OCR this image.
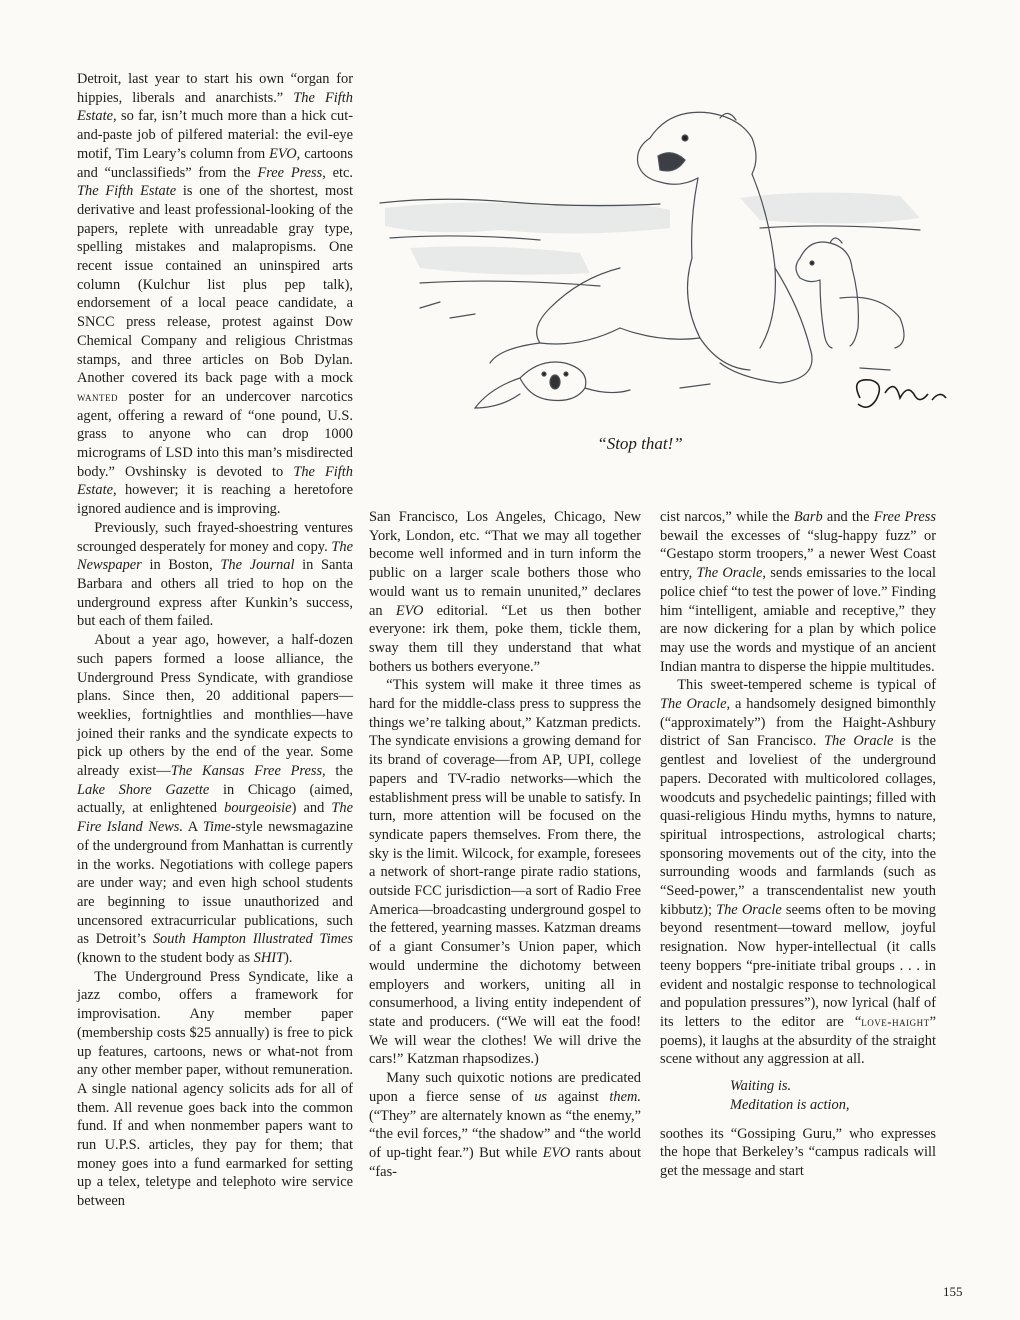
Lorenz
“Stop that!”

Detroit, last year to start his own “organ for hippies, liberals and anarchists.” The Fifth Estate, so far, isn’t much more than a hick cut-and-paste job of pilfered material: the evil-eye motif, Tim Leary’s column from EVO, cartoons and “unclassifieds” from the Free Press, etc. The Fifth Estate is one of the shortest, most derivative and least professional-looking of the papers, replete with unreadable gray type, spelling mistakes and malapropisms. One recent issue contained an uninspired arts column (Kulchur list plus pep talk), endorsement of a local peace candidate, a SNCC press release, protest against Dow Chemical Company and religious Christmas stamps, and three articles on Bob Dylan. Another covered its back page with a mock wanted poster for an undercover narcotics agent, offering a reward of “one pound, U.S. grass to anyone who can drop 1000 micrograms of LSD into this man’s misdirected body.” Ovshinsky is devoted to The Fifth Estate, however; it is reaching a heretofore ignored audience and is improving.

Previously, such frayed-shoestring ventures scrounged desperately for money and copy. The Newspaper in Boston, The Journal in Santa Barbara and others all tried to hop on the underground express after Kunkin’s success, but each of them failed.

About a year ago, however, a half-dozen such papers formed a loose alliance, the Underground Press Syndicate, with grandiose plans. Since then, 20 additional papers—weeklies, fortnightlies and monthlies—have joined their ranks and the syndicate expects to pick up others by the end of the year. Some already exist—The Kansas Free Press, the Lake Shore Gazette in Chicago (aimed, actually, at enlightened bourgeoisie) and The Fire Island News. A Time-style newsmagazine of the underground from Manhattan is currently in the works. Negotiations with college papers are under way; and even high school students are beginning to issue unauthorized and uncensored extracurricular publications, such as Detroit’s South Hampton Illustrated Times (known to the student body as SHIT).

The Underground Press Syndicate, like a jazz combo, offers a framework for improvisation. Any member paper (membership costs $25 annually) is free to pick up features, cartoons, news or what-not from any other member paper, without remuneration. A single national agency solicits ads for all of them. All revenue goes back into the common fund. If and when nonmember papers want to run U.P.S. articles, they pay for them; that money goes into a fund earmarked for setting up a telex, teletype and telephoto wire service between

San Francisco, Los Angeles, Chicago, New York, London, etc. “That we may all together become well informed and in turn inform the public on a larger scale bothers those who would want us to remain ununited,” declares an EVO editorial. “Let us then bother everyone: irk them, poke them, tickle them, sway them till they understand that what bothers us bothers everyone.”

“This system will make it three times as hard for the middle-class press to suppress the things we’re talking about,” Katzman predicts. The syndicate envisions a growing demand for its brand of coverage—from AP, UPI, college papers and TV-radio networks—which the establishment press will be unable to satisfy. In turn, more attention will be focused on the syndicate papers themselves. From there, the sky is the limit. Wilcock, for example, foresees a network of short-range pirate radio stations, outside FCC jurisdiction—a sort of Radio Free America—broadcasting underground gospel to the fettered, yearning masses. Katzman dreams of a giant Consumer’s Union paper, which would undermine the dichotomy between employers and workers, uniting all in consumerhood, a living entity independent of state and producers. (“We will eat the food! We will wear the clothes! We will drive the cars!” Katzman rhapsodizes.)

Many such quixotic notions are predicated upon a fierce sense of us against them. (“They” are alternately known as “the enemy,” “the evil forces,” “the shadow” and “the world of up-tight fear.”) But while EVO rants about “fas-

cist narcos,” while the Barb and the Free Press bewail the excesses of “slug-happy fuzz” or “Gestapo storm troopers,” a newer West Coast entry, The Oracle, sends emissaries to the local police chief “to test the power of love.” Finding him “intelligent, amiable and receptive,” they are now dickering for a plan by which police may use the words and mystique of an ancient Indian mantra to disperse the hippie multitudes.

This sweet-tempered scheme is typical of The Oracle, a handsomely designed bimonthly (“approximately”) from the Haight-Ashbury district of San Francisco. The Oracle is the gentlest and loveliest of the underground papers. Decorated with multicolored collages, woodcuts and psychedelic paintings; filled with quasi-religious Hindu myths, hymns to nature, spiritual introspections, astrological charts; sponsoring movements out of the city, into the surrounding woods and farmlands (such as “Seed-power,” a transcendentalist new youth kibbutz); The Oracle seems often to be moving beyond resentment—toward mellow, joyful resignation. Now hyper-intellectual (it calls teeny boppers “pre-initiate tribal groups . . . in evident and nostalgic response to technological and population pressures”), now lyrical (half of its letters to the editor are “love-haight” poems), it laughs at the absurdity of the straight scene without any aggression at all.

Waiting is.

Meditation is action,

soothes its “Gossiping Guru,” who expresses the hope that Berkeley’s “campus radicals will get the message and start

155
